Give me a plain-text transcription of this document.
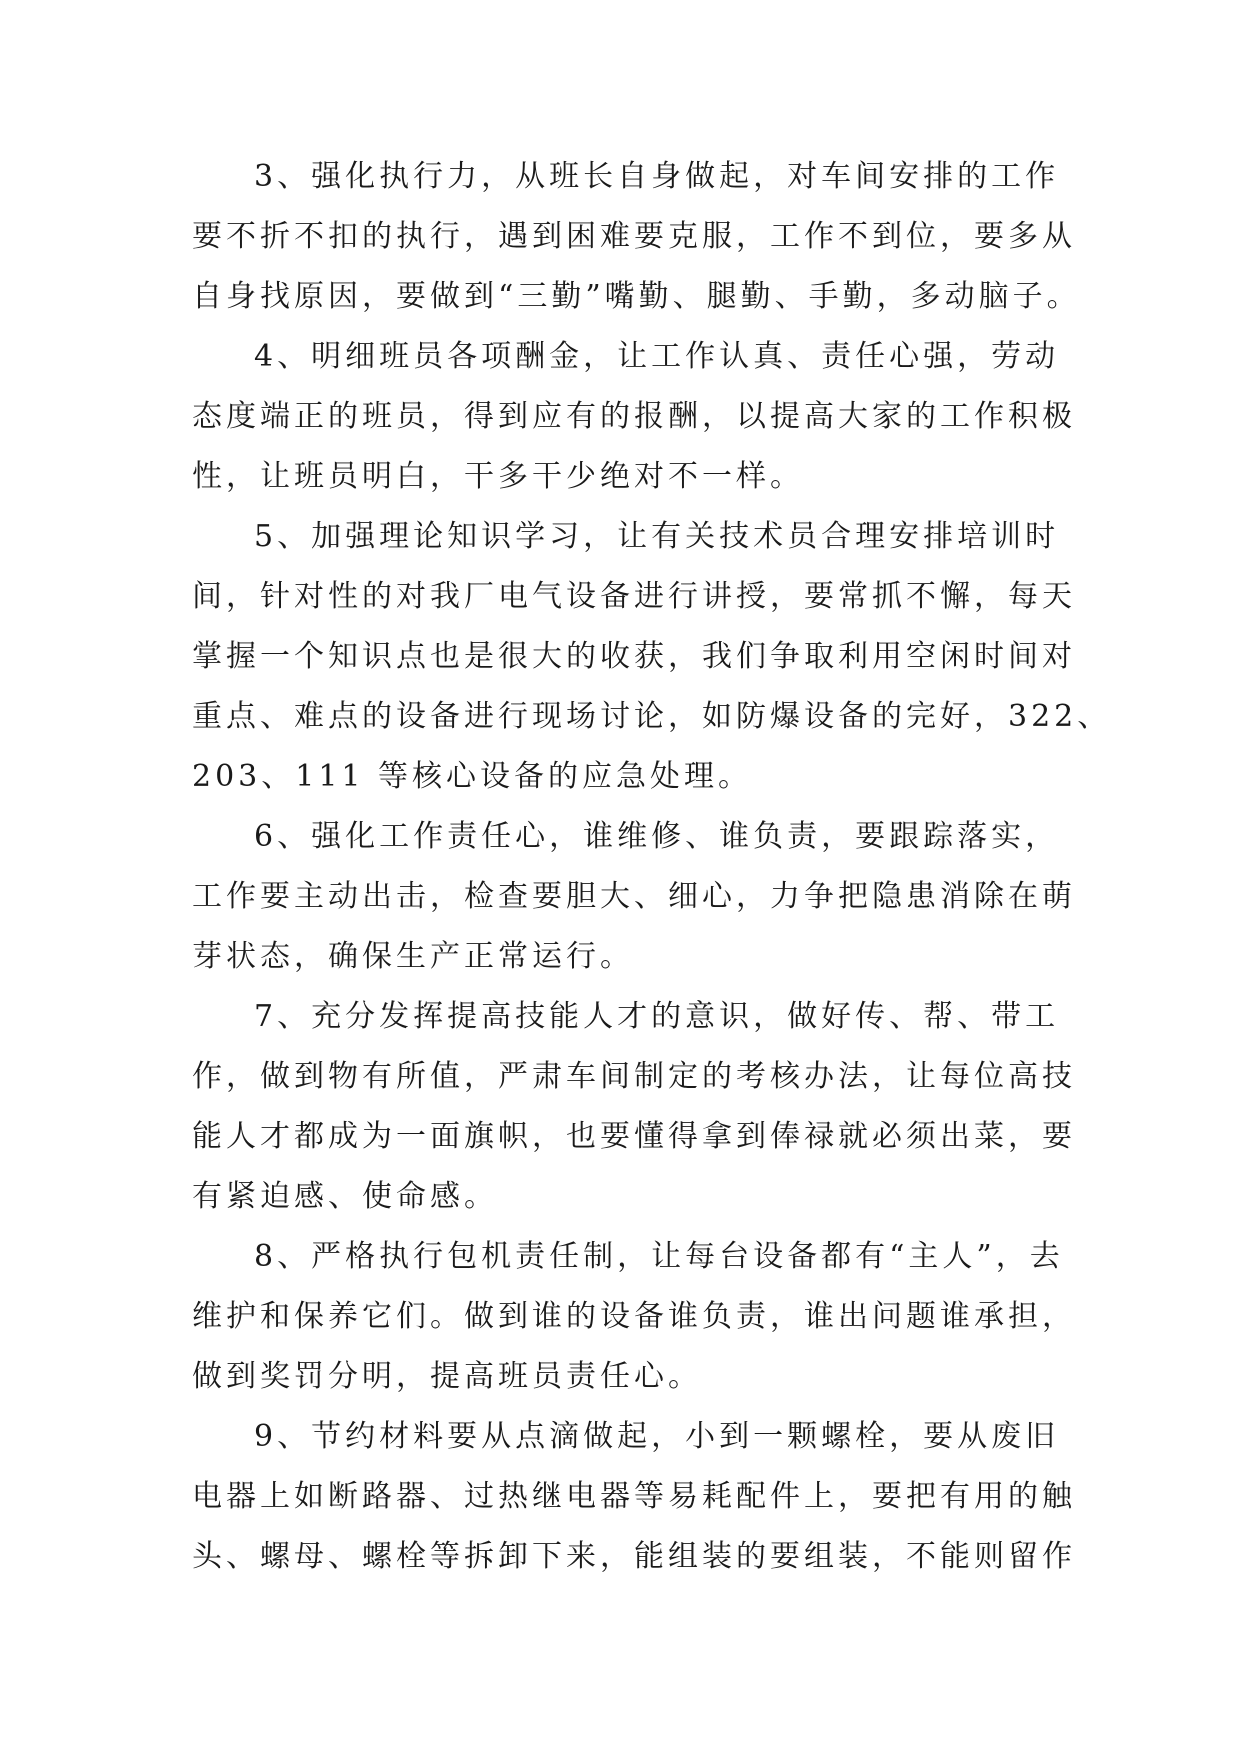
3、强化执行力，从班长自身做起，对车间安排的工作
要不折不扣的执行，遇到困难要克服，工作不到位，要多从
自身找原因，要做到“三勤”嘴勤、腿勤、手勤，多动脑子。
4、明细班员各项酬金，让工作认真、责任心强，劳动
态度端正的班员，得到应有的报酬，以提高大家的工作积极
性，让班员明白，干多干少绝对不一样。
5、加强理论知识学习，让有关技术员合理安排培训时
间，针对性的对我厂电气设备进行讲授，要常抓不懈，每天
掌握一个知识点也是很大的收获，我们争取利用空闲时间对
重点、难点的设备进行现场讨论，如防爆设备的完好，322、
203、111 等核心设备的应急处理。
6、强化工作责任心，谁维修、谁负责，要跟踪落实，
工作要主动出击，检查要胆大、细心，力争把隐患消除在萌
芽状态，确保生产正常运行。
7、充分发挥提高技能人才的意识，做好传、帮、带工
作，做到物有所值，严肃车间制定的考核办法，让每位高技
能人才都成为一面旗帜，也要懂得拿到俸禄就必须出菜，要
有紧迫感、使命感。
8、严格执行包机责任制，让每台设备都有“主人”，去
维护和保养它们。做到谁的设备谁负责，谁出问题谁承担，
做到奖罚分明，提高班员责任心。
9、节约材料要从点滴做起，小到一颗螺栓，要从废旧
电器上如断路器、过热继电器等易耗配件上，要把有用的触
头、螺母、螺栓等拆卸下来，能组装的要组装，不能则留作
